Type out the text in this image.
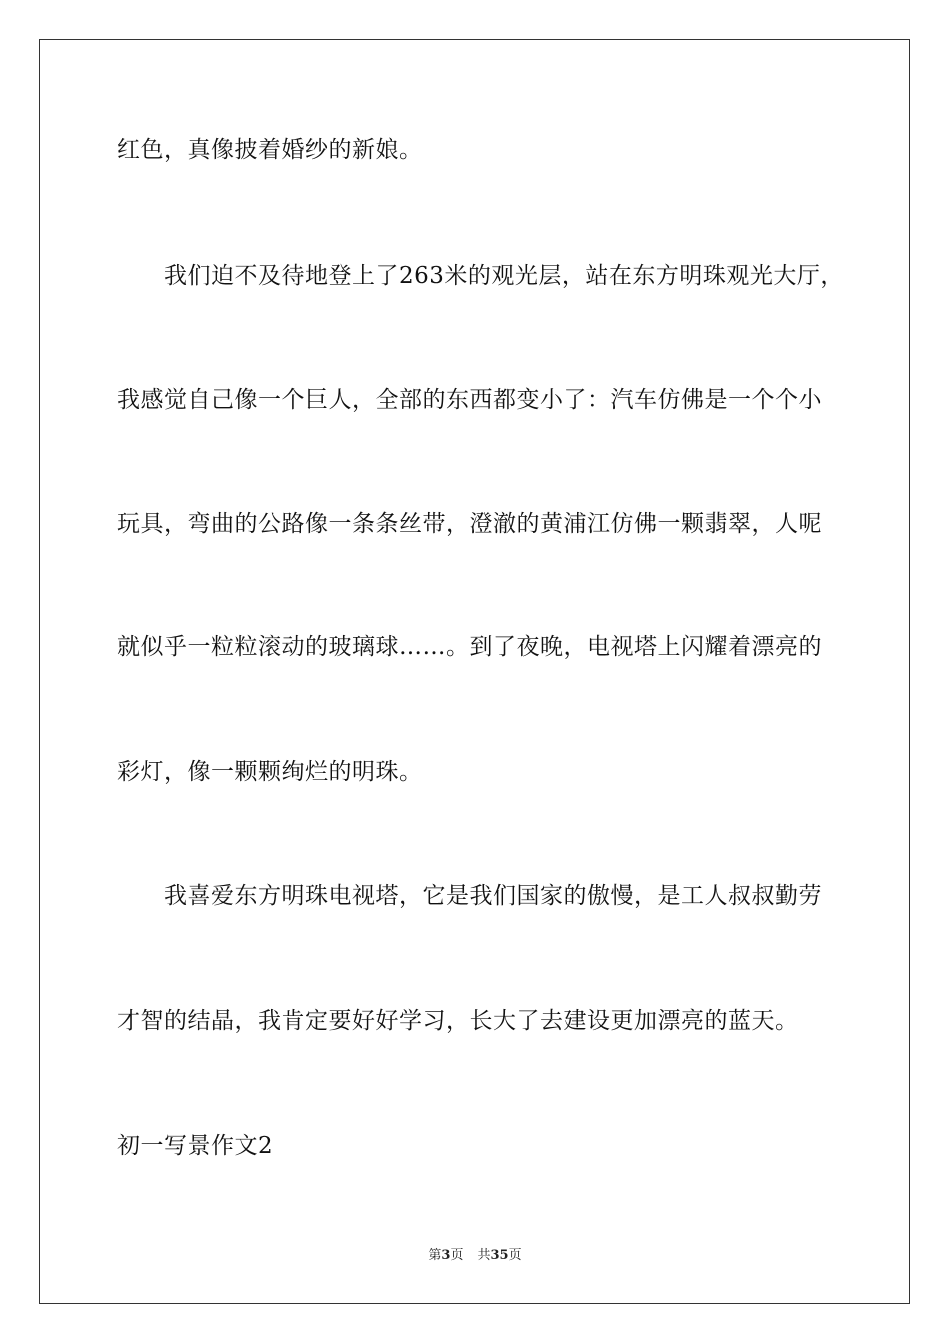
红色，真像披着婚纱的新娘。
我们迫不及待地登上了263米的观光层，站在东方明珠观光大厅，
我感觉自己像一个巨人，全部的东西都变小了：汽车仿佛是一个个小
玩具，弯曲的公路像一条条丝带，澄澈的黄浦江仿佛一颗翡翠，人呢
就似乎一粒粒滚动的玻璃球……。到了夜晚，电视塔上闪耀着漂亮的
彩灯，像一颗颗绚烂的明珠。
我喜爱东方明珠电视塔，它是我们国家的傲慢，是工人叔叔勤劳
才智的结晶，我肯定要好好学习，长大了去建设更加漂亮的蓝天。
初一写景作文2
第3页 共35页
